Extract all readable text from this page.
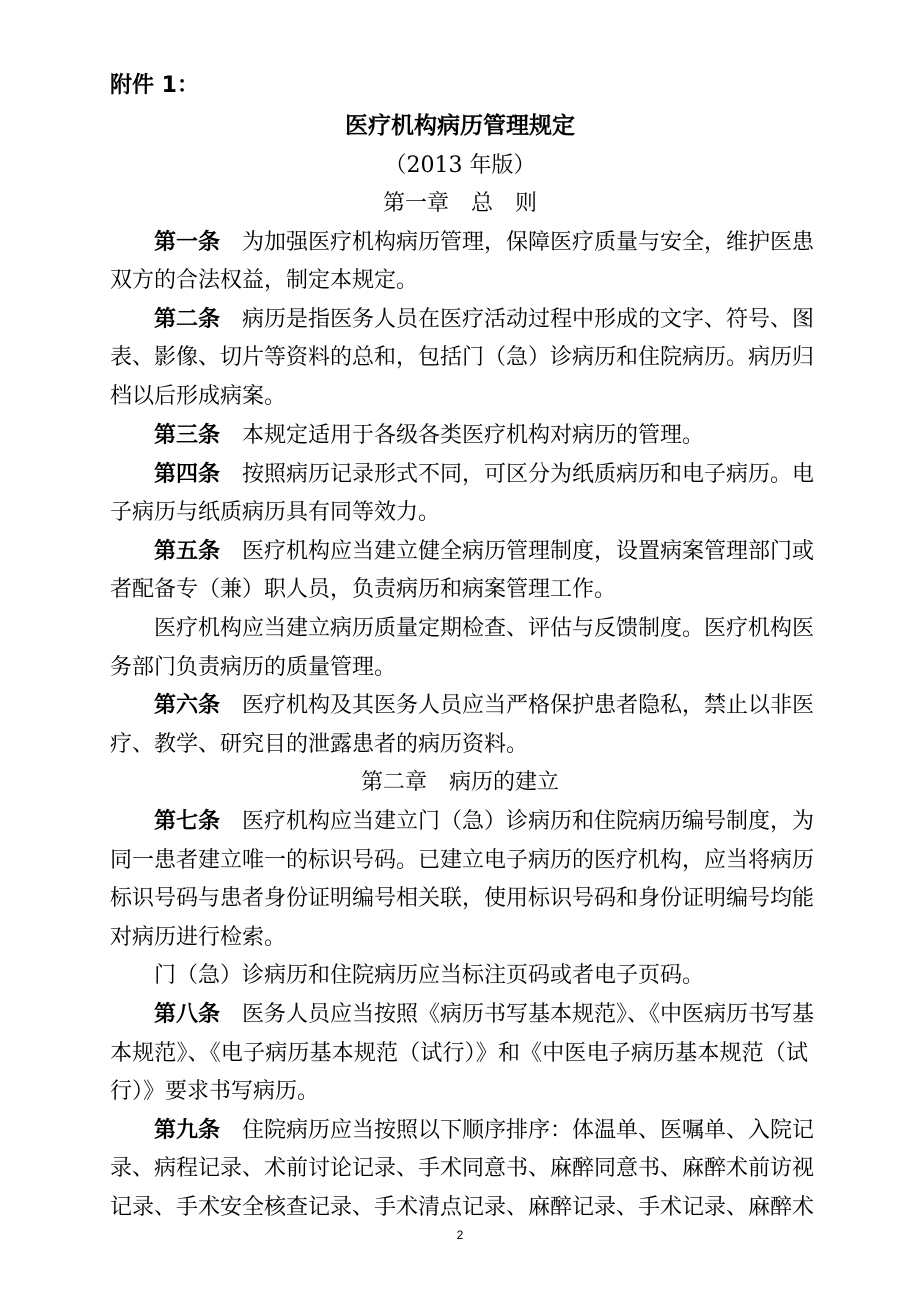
附件 1：
医疗机构病历管理规定
（2013 年版）
第一章　总　则
第一条 为加强医疗机构病历管理，保障医疗质量与安全，维护医患
双方的合法权益，制定本规定。
第二条 病历是指医务人员在医疗活动过程中形成的文字、符号、图
表、影像、切片等资料的总和，包括门（急）诊病历和住院病历。病历归
档以后形成病案。
第三条 本规定适用于各级各类医疗机构对病历的管理。
第四条 按照病历记录形式不同，可区分为纸质病历和电子病历。电
子病历与纸质病历具有同等效力。
第五条 医疗机构应当建立健全病历管理制度，设置病案管理部门或
者配备专（兼）职人员，负责病历和病案管理工作。
医疗机构应当建立病历质量定期检查、评估与反馈制度。医疗机构医
务部门负责病历的质量管理。
第六条 医疗机构及其医务人员应当严格保护患者隐私，禁止以非医
疗、教学、研究目的泄露患者的病历资料。
第二章　病历的建立
第七条 医疗机构应当建立门（急）诊病历和住院病历编号制度，为
同一患者建立唯一的标识号码。已建立电子病历的医疗机构，应当将病历
标识号码与患者身份证明编号相关联，使用标识号码和身份证明编号均能
对病历进行检索。
门（急）诊病历和住院病历应当标注页码或者电子页码。
第八条 医务人员应当按照《病历书写基本规范》、《中医病历书写基
本规范》、《电子病历基本规范（试行）》和《中医电子病历基本规范（试
行）》要求书写病历。
第九条 住院病历应当按照以下顺序排序：体温单、医嘱单、入院记
录、病程记录、术前讨论记录、手术同意书、麻醉同意书、麻醉术前访视
记录、手术安全核查记录、手术清点记录、麻醉记录、手术记录、麻醉术
2
